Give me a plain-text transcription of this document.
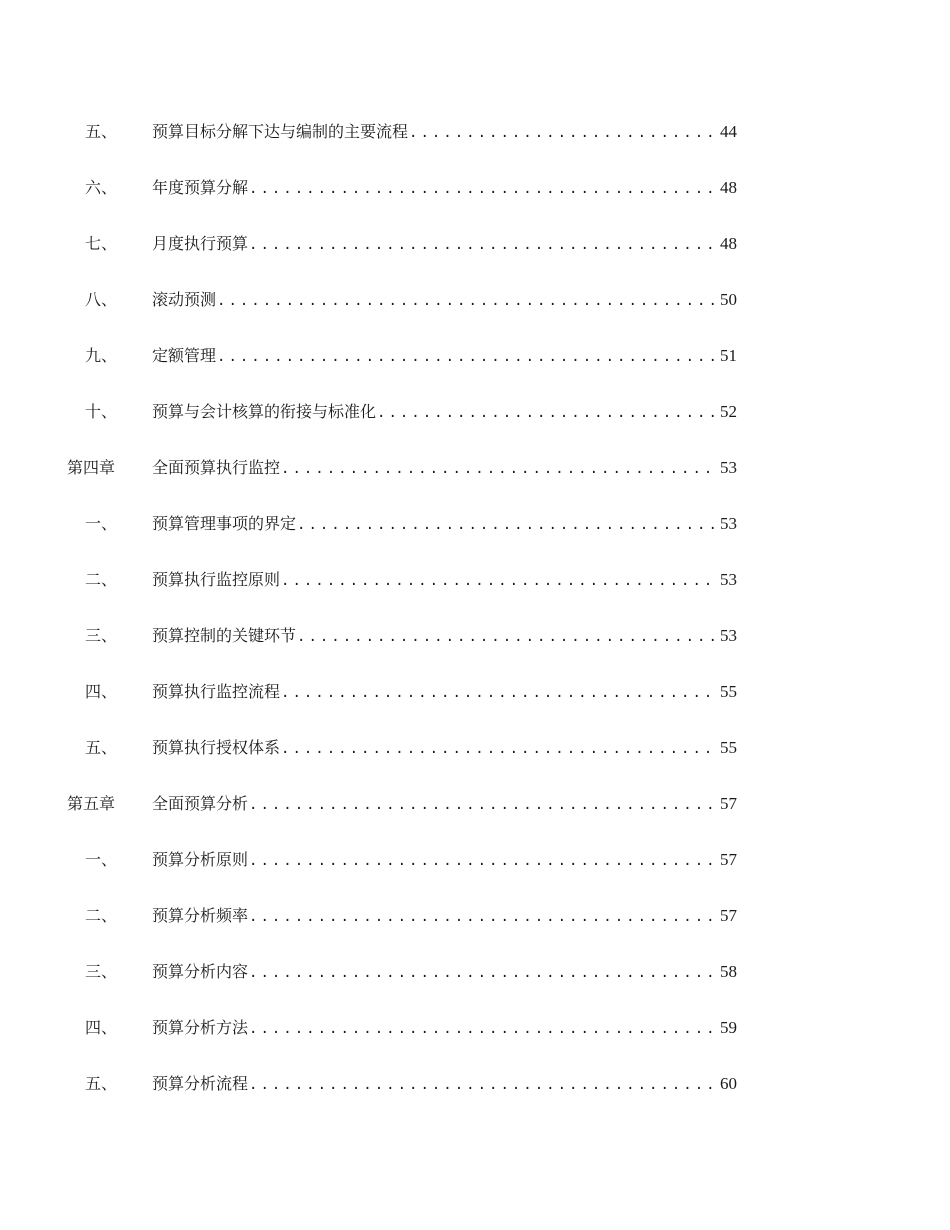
五、 预算目标分解下达与编制的主要流程 .....	44
六、 年度预算分解 .....	48
七、 月度执行预算 .....	48
八、 滚动预测 .....	50
九、 定额管理 .....	51
十、 预算与会计核算的衔接与标准化 .....	52
第四章 全面预算执行监控 .....	53
一、 预算管理事项的界定 .....	53
二、 预算执行监控原则 .....	53
三、 预算控制的关键环节 .....	53
四、 预算执行监控流程 .....	55
五、 预算执行授权体系 .....	55
第五章 全面预算分析 .....	57
一、 预算分析原则 .....	57
二、 预算分析频率 .....	57
三、 预算分析内容 .....	58
四、 预算分析方法 .....	59
五、 预算分析流程 .....	60
